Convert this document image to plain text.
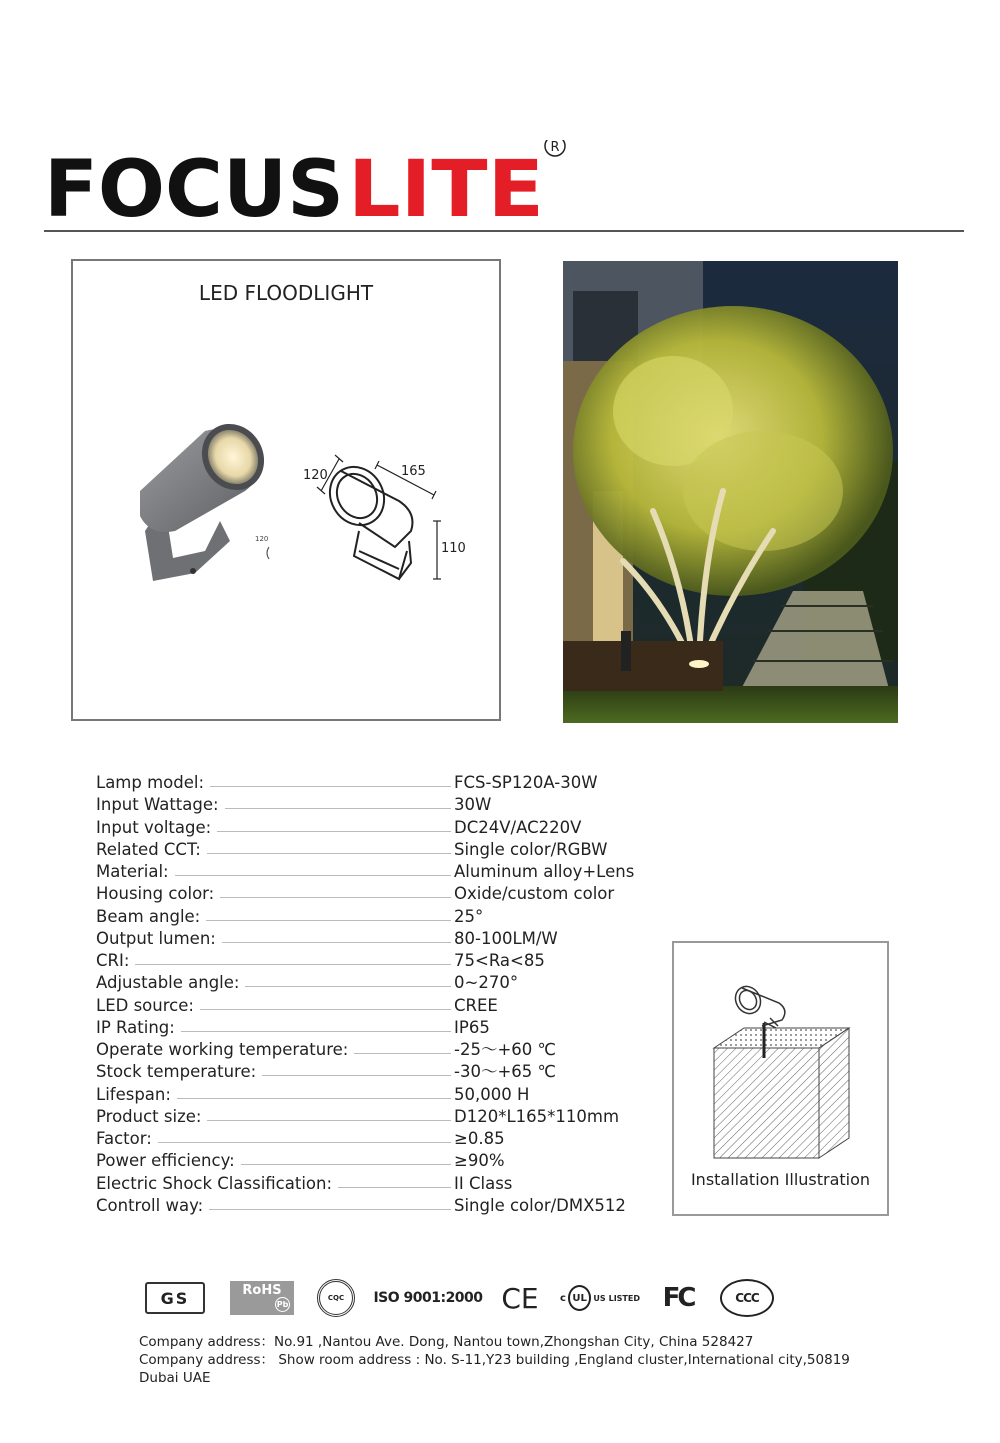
FOCUS LITE R
LED FLOODLIGHT
120
120	165
110
Lamp model:	FCS-SP120A-30W
Input Wattage:	30W
Input voltage:	DC24V/AC220V
Related CCT:	Single color/RGBW
Material:	Aluminum alloy+Lens
Housing color:	Oxide/custom color
Beam angle:	25°
Output lumen:	80-100LM/W
CRI:	75<Ra<85
Adjustable angle:	0~270°
LED source:	CREE
IP Rating:	IP65
Operate working temperature:	-25～+60 ℃
Stock temperature:	-30～+65 ℃
Lifespan:	50,000 H
Product size:	D120*L165*110mm
Factor:	≥0.85
Power efficiency:	≥90%
Electric Shock Classification:	II Class
Controll way:	Single color/DMX512
Installation Illustration
GS	RoHS
Pb
CQC	ISO 9001:2000 CE	c UL US LISTED FC	CCC

Company address：No.91 ,Nantou Ave. Dong, Nantou town,Zhongshan City, China 528427

Company address： Show room address : No. S-11,Y23 building ,England cluster,International city,50819 Dubai UAE
